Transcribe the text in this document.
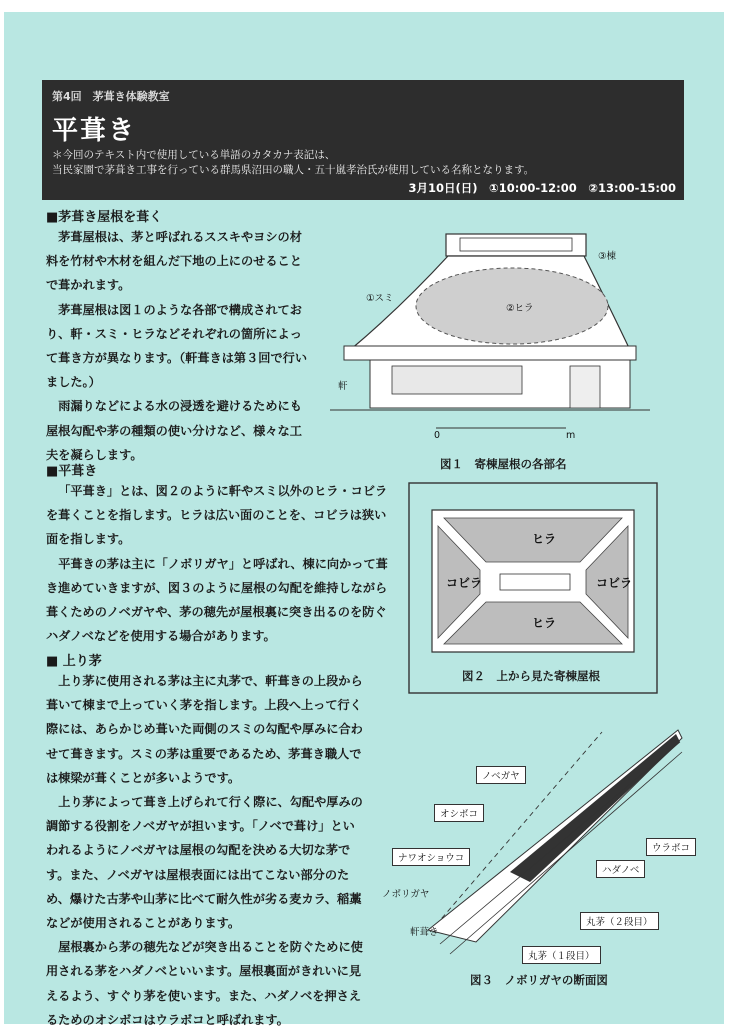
第4回　茅葺き体験教室
平葺き
＊今回のテキスト内で使用している単語のカタカナ表記は、
当民家園で茅葺き工事を行っている群馬県沼田の職人・五十嵐孝治氏が使用している名称となります。
3月10日(日)　①10:00-12:00　②13:00-15:00
■茅葺き屋根を葺く
茅葺屋根は、茅と呼ばれるススキやヨシの材料を竹材や木材を組んだ下地の上にのせることで葺かれます。
茅葺屋根は図１のような各部で構成されており、軒・スミ・ヒラなどそれぞれの箇所によって葺き方が異なります。（軒葺きは第３回で行いました。）
雨漏りなどによる水の浸透を避けるためにも屋根勾配や茅の種類の使い分けなど、様々な工夫を凝らします。
■平葺き
「平葺き」とは、図２のように軒やスミ以外のヒラ・コビラを葺くことを指します。ヒラは広い面のことを、コビラは狭い面を指します。
平葺きの茅は主に「ノボリガヤ」と呼ばれ、棟に向かって葺き進めていきますが、図３のように屋根の勾配を維持しながら葺くためのノベガヤや、茅の穂先が屋根裏に突き出るのを防ぐハダノベなどを使用する場合があります。
■ 上り茅
上り茅に使用される茅は主に丸茅で、軒葺きの上段から葺いて棟まで上っていく茅を指します。上段へ上って行く際には、あらかじめ葺いた両側のスミの勾配や厚みに合わせて葺きます。スミの茅は重要であるため、茅葺き職人では棟梁が葺くことが多いようです。
上り茅によって葺き上げられて行く際に、勾配や厚みの調節する役割をノベガヤが担います。「ノベで葺け」といわれるようにノベガヤは屋根の勾配を決める大切な茅です。また、ノベガヤは屋根表面には出てこない部分のため、爆けた古茅や山茅に比べて耐久性が劣る麦カラ、稲藁などが使用されることがあります。
屋根裏から茅の穂先などが突き出ることを防ぐために使用される茅をハダノベといいます。屋根裏面がきれいに見えるよう、すぐり茅を使います。また、ハダノベを押さえるためのオシボコはウラボコと呼ばれます。
③棟
①スミ
②ヒラ
軒
0	m
図１　寄棟屋根の各部名
ヒラ
ヒラ
コビラ	コビラ
図２　上から見た寄棟屋根
ノベガヤ
オシボコ
ウラボコ
ナワオショウコ
ハダノベ
ノボリガヤ
軒葺き
丸茅（２段目）
丸茅（１段目）
図３　ノボリガヤの断面図
